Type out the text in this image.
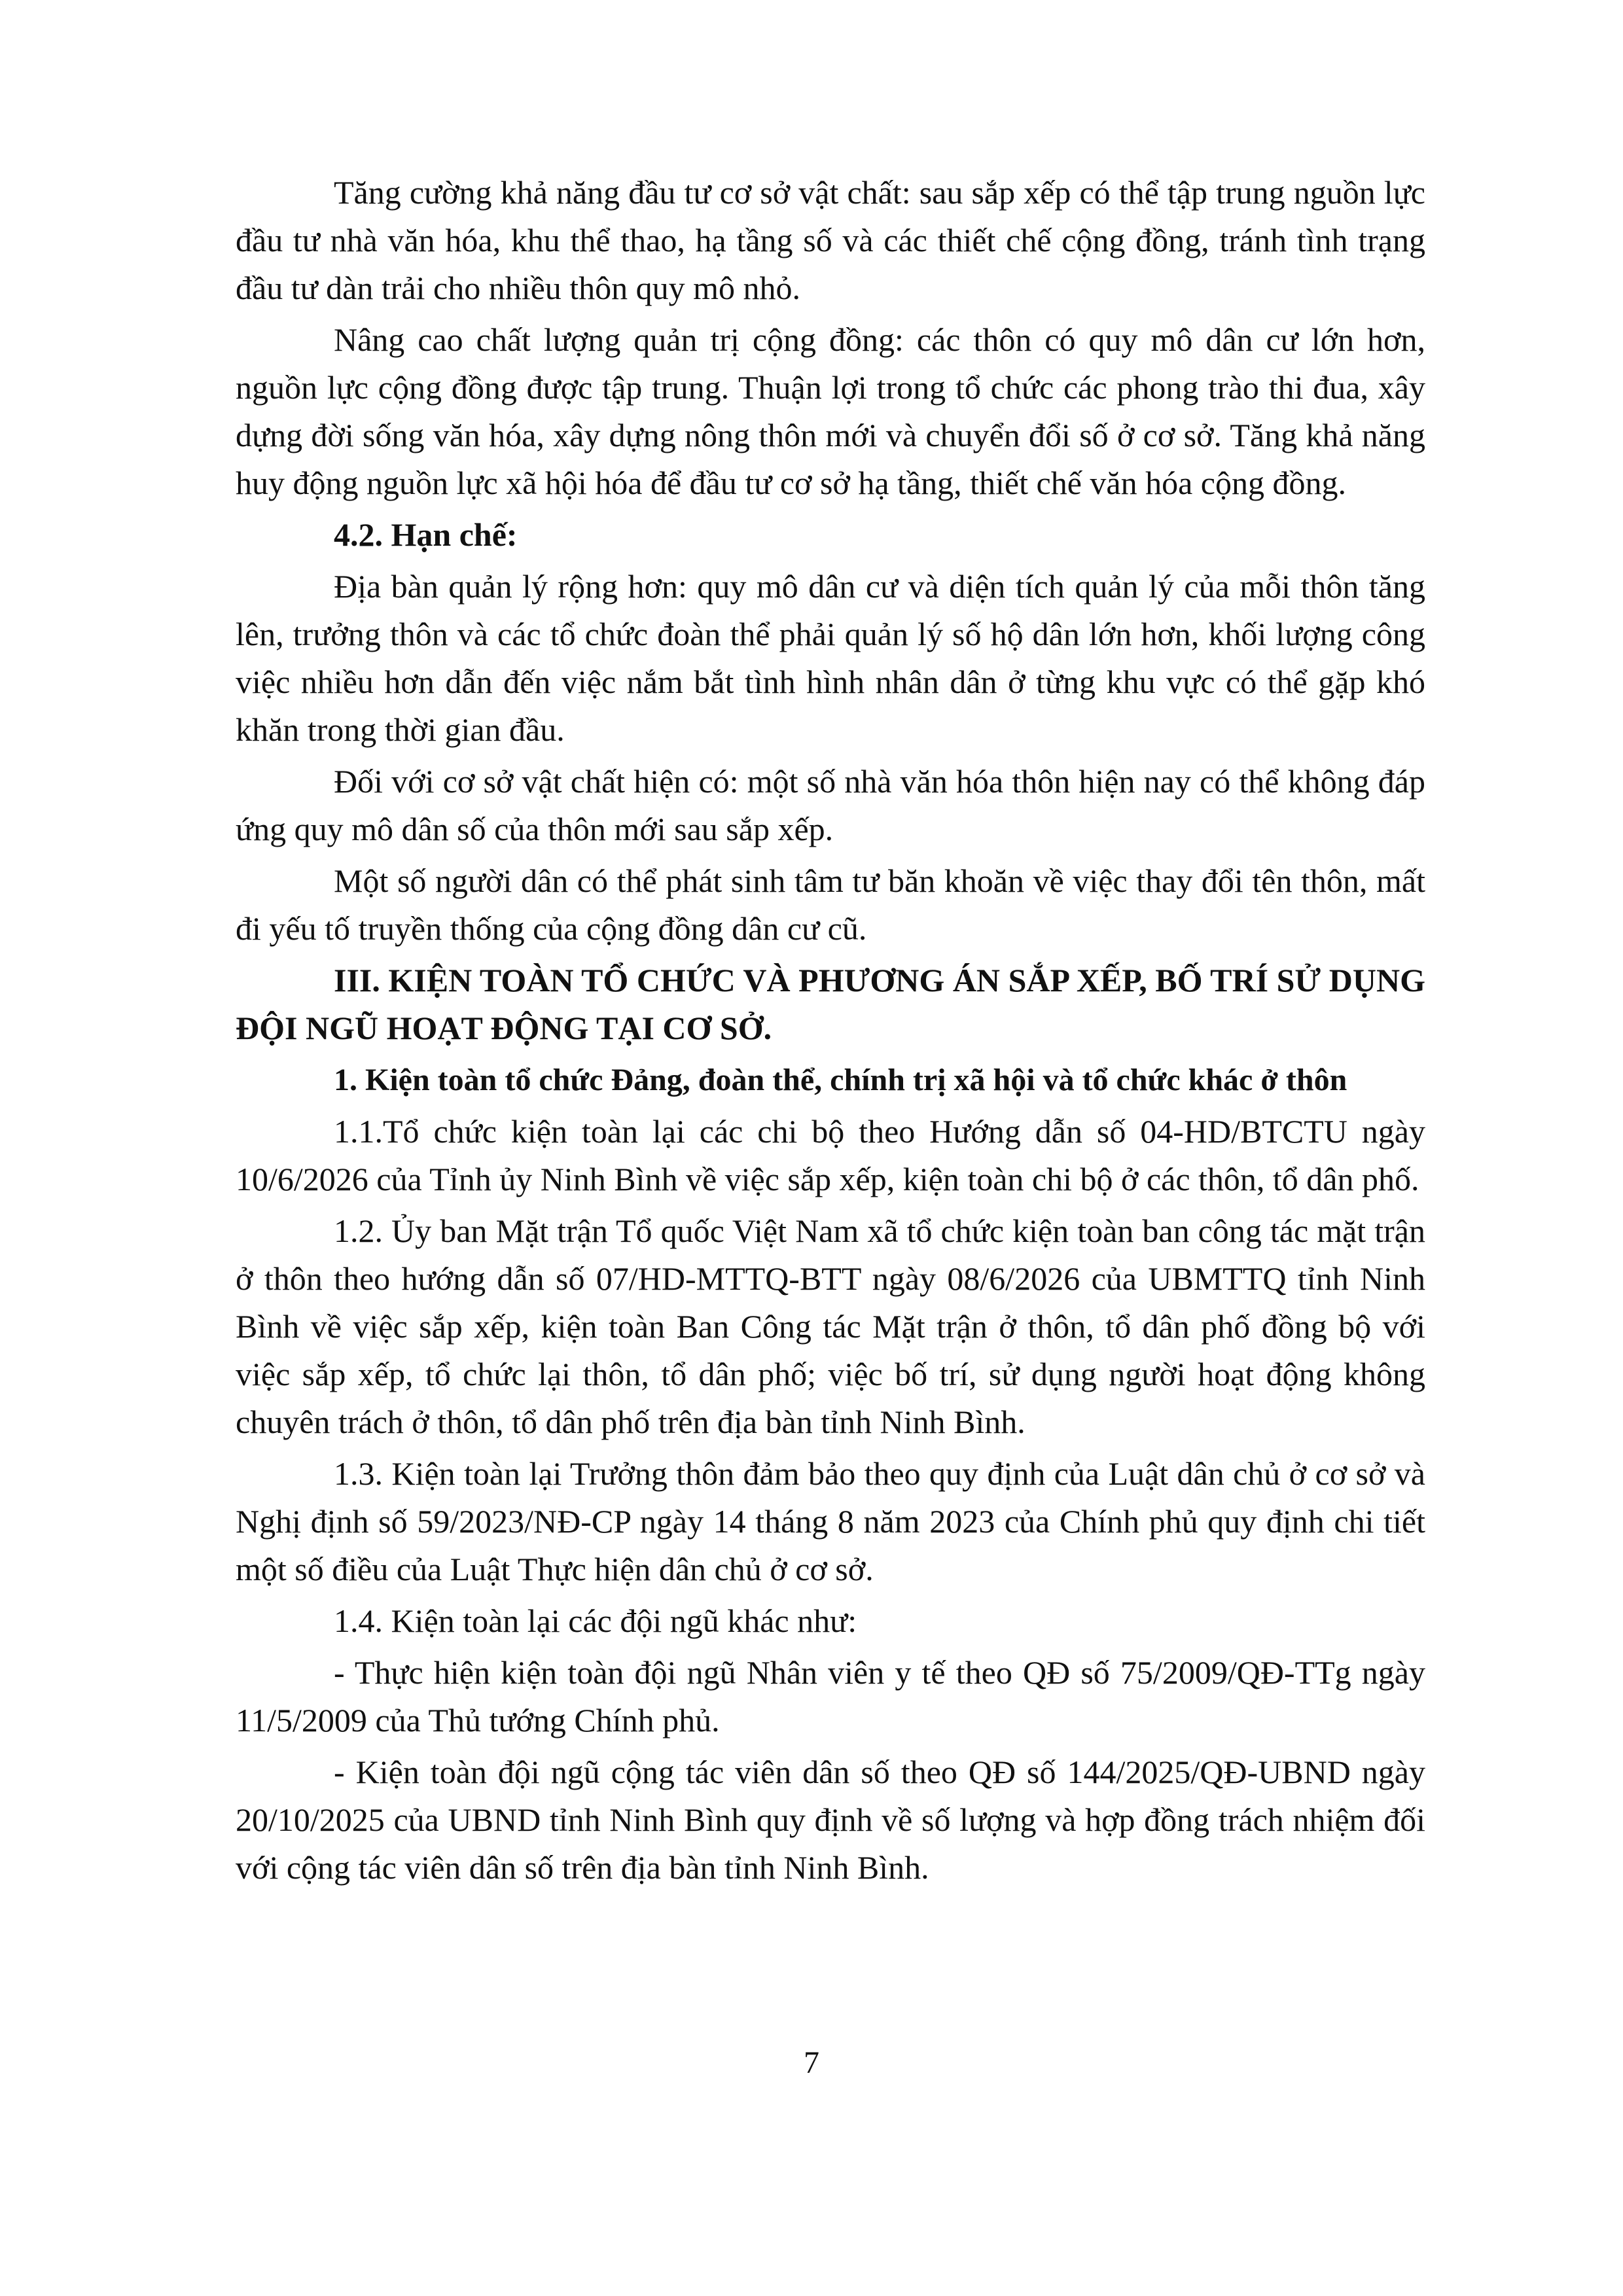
Tăng cường khả năng đầu tư cơ sở vật chất: sau sắp xếp có thể tập trung nguồn lực đầu tư nhà văn hóa, khu thể thao, hạ tầng số và các thiết chế cộng đồng, tránh tình trạng đầu tư dàn trải cho nhiều thôn quy mô nhỏ.

Nâng cao chất lượng quản trị cộng đồng: các thôn có quy mô dân cư lớn hơn, nguồn lực cộng đồng được tập trung. Thuận lợi trong tổ chức các phong trào thi đua, xây dựng đời sống văn hóa, xây dựng nông thôn mới và chuyển đổi số ở cơ sở. Tăng khả năng huy động nguồn lực xã hội hóa để đầu tư cơ sở hạ tầng, thiết chế văn hóa cộng đồng.

4.2. Hạn chế:

Địa bàn quản lý rộng hơn: quy mô dân cư và diện tích quản lý của mỗi thôn tăng lên, trưởng thôn và các tổ chức đoàn thể phải quản lý số hộ dân lớn hơn, khối lượng công việc nhiều hơn dẫn đến việc nắm bắt tình hình nhân dân ở từng khu vực có thể gặp khó khăn trong thời gian đầu.

Đối với cơ sở vật chất hiện có: một số nhà văn hóa thôn hiện nay có thể không đáp ứng quy mô dân số của thôn mới sau sắp xếp.

Một số người dân có thể phát sinh tâm tư băn khoăn về việc thay đổi tên thôn, mất đi yếu tố truyền thống của cộng đồng dân cư cũ.

III. KIỆN TOÀN TỔ CHỨC VÀ PHƯƠNG ÁN SẮP XẾP, BỐ TRÍ SỬ DỤNG ĐỘI NGŨ HOẠT ĐỘNG TẠI CƠ SỞ.

1. Kiện toàn tổ chức Đảng, đoàn thể, chính trị xã hội và tổ chức khác ở thôn

1.1.Tổ chức kiện toàn lại các chi bộ theo Hướng dẫn số 04-HD/BTCTU ngày 10/6/2026 của Tỉnh ủy Ninh Bình về việc sắp xếp, kiện toàn chi bộ ở các thôn, tổ dân phố.

1.2. Ủy ban Mặt trận Tổ quốc Việt Nam xã tổ chức kiện toàn ban công tác mặt trận ở thôn theo hướng dẫn số 07/HD-MTTQ-BTT ngày 08/6/2026 của UBMTTQ tỉnh Ninh Bình về việc sắp xếp, kiện toàn Ban Công tác Mặt trận ở thôn, tổ dân phố đồng bộ với việc sắp xếp, tổ chức lại thôn, tổ dân phố; việc bố trí, sử dụng người hoạt động không chuyên trách ở thôn, tổ dân phố trên địa bàn tỉnh Ninh Bình.

1.3. Kiện toàn lại Trưởng thôn đảm bảo theo quy định của Luật dân chủ ở cơ sở và Nghị định số 59/2023/NĐ-CP ngày 14 tháng 8 năm 2023 của Chính phủ quy định chi tiết một số điều của Luật Thực hiện dân chủ ở cơ sở.

1.4. Kiện toàn lại các đội ngũ khác như:

- Thực hiện kiện toàn đội ngũ Nhân viên y tế theo QĐ số 75/2009/QĐ-TTg ngày 11/5/2009 của Thủ tướng Chính phủ.

- Kiện toàn đội ngũ cộng tác viên dân số theo QĐ số 144/2025/QĐ-UBND ngày 20/10/2025 của UBND tỉnh Ninh Bình quy định về số lượng và hợp đồng trách nhiệm đối với cộng tác viên dân số trên địa bàn tỉnh Ninh Bình.

7
